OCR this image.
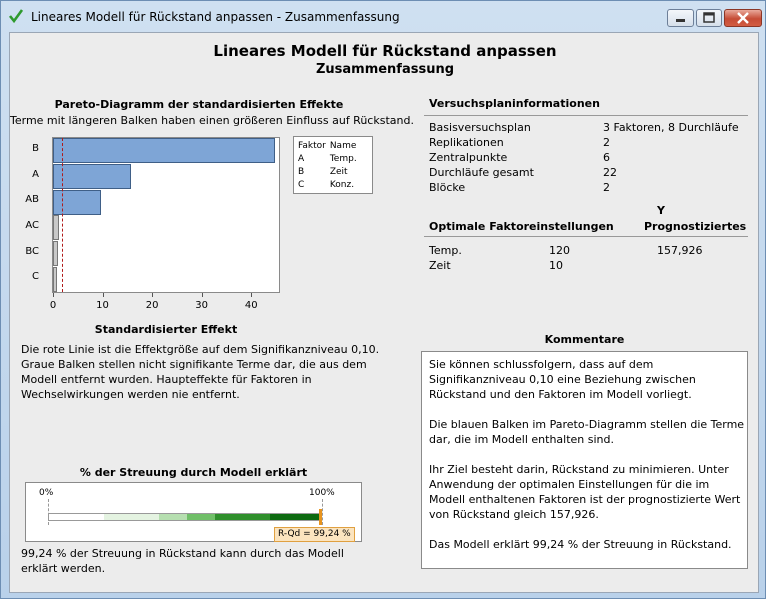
Lineares Modell für Rückstand anpassen - Zusammenfassung
Lineares Modell für Rückstand anpassen
Zusammenfassung
Pareto-Diagramm der standardisierten Effekte
Terme mit längeren Balken haben einen größeren Einfluss auf Rückstand.
B
A
AB
AC
BC
C
0	10	20	30	40
Standardisierter Effekt
Faktor	Name
A	Temp.
B	Zeit
C	Konz.
Die rote Linie ist die Effektgröße auf dem Signifikanzniveau 0,10. Graue Balken stellen nicht signifikante Terme dar, die aus dem Modell entfernt wurden. Haupteffekte für Faktoren in Wechselwirkungen werden nie entfernt.
% der Streuung durch Modell erklärt
0%	100%
R-Qd = 99,24 %
99,24 % der Streuung in Rückstand kann durch das Modell erklärt werden.
Versuchsplaninformationen
Basisversuchsplan	3 Faktoren, 8 Durchläufe
Replikationen	2
Zentralpunkte	6
Durchläufe gesamt	22
Blöcke	2
Y
Optimale Faktoreinstellungen	Prognostiziertes
Temp.	120	157,926
Zeit	10
Kommentare
Sie können schlussfolgern, dass auf dem Signifikanzniveau 0,10 eine Beziehung zwischen Rückstand und den Faktoren im Modell vorliegt.
Die blauen Balken im Pareto-Diagramm stellen die Terme dar, die im Modell enthalten sind.
Ihr Ziel besteht darin, Rückstand zu minimieren. Unter Anwendung der optimalen Einstellungen für die im Modell enthaltenen Faktoren ist der prognostizierte Wert von Rückstand gleich 157,926.
Das Modell erklärt 99,24 % der Streuung in Rückstand.
